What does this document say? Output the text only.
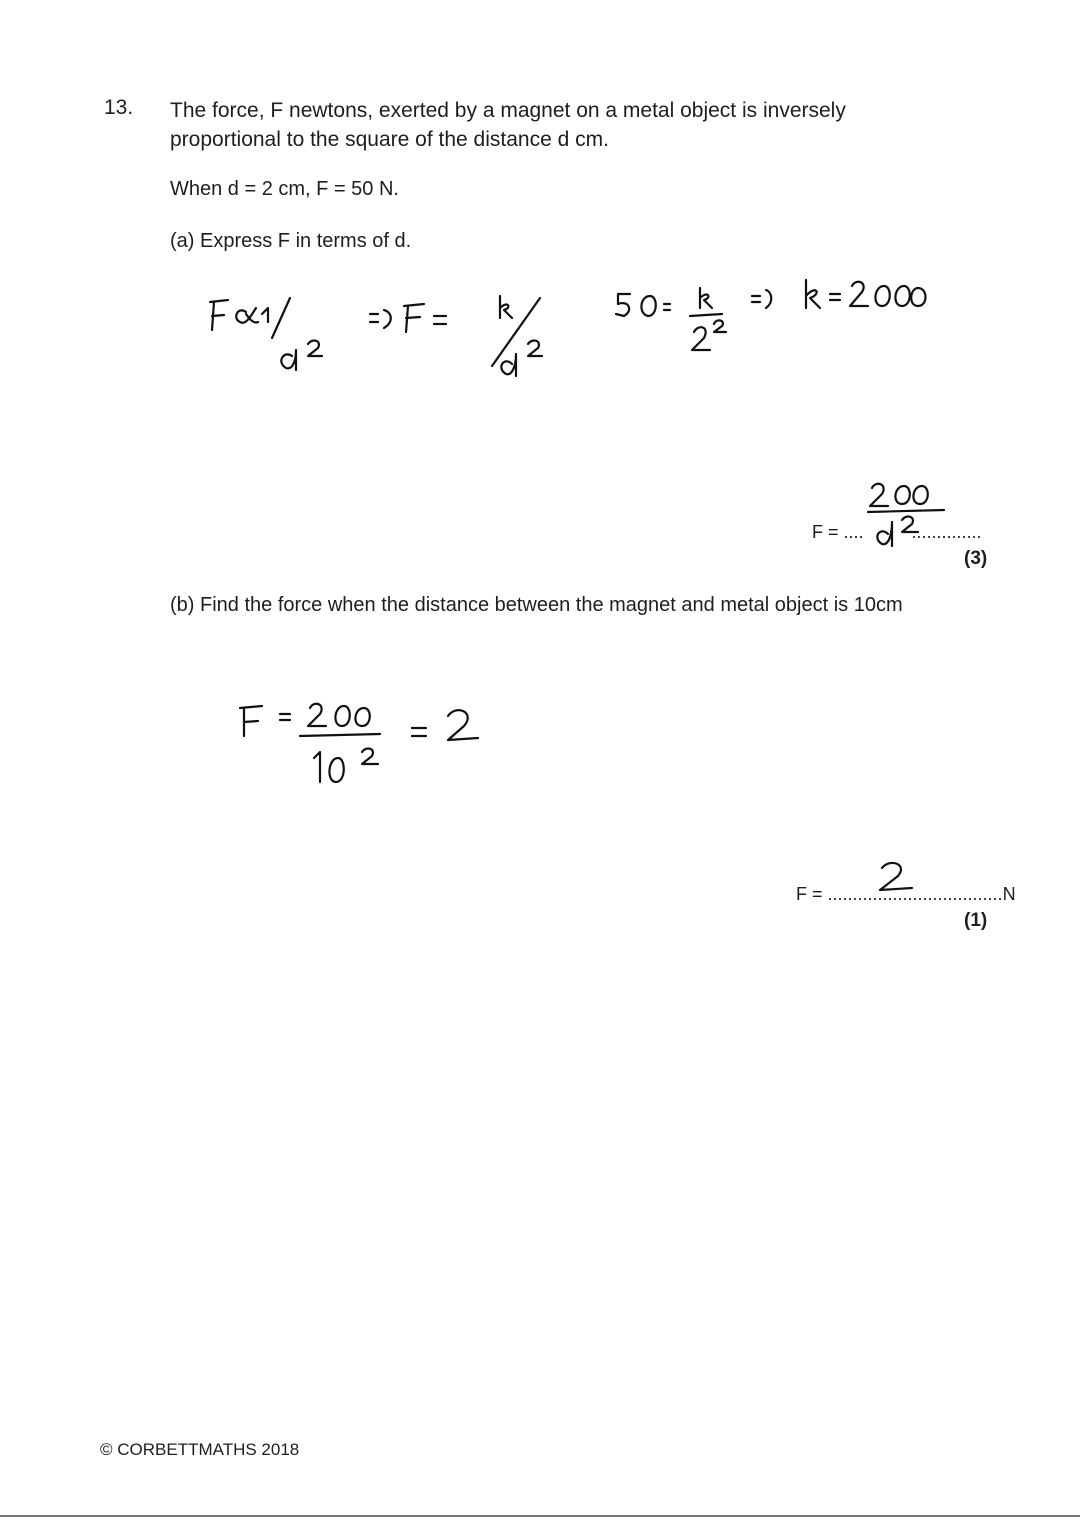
13. The force, F newtons, exerted by a magnet on a metal object is inversely
proportional to the square of the distance d cm.
When d = 2 cm, F = 50 N.
(a) Express F in terms of d.
F = ....	..............
(3)
(b) Find the force when the distance between the magnet and metal object is 10cm
F = ...................................N
(1)
© CORBETTMATHS 2018
